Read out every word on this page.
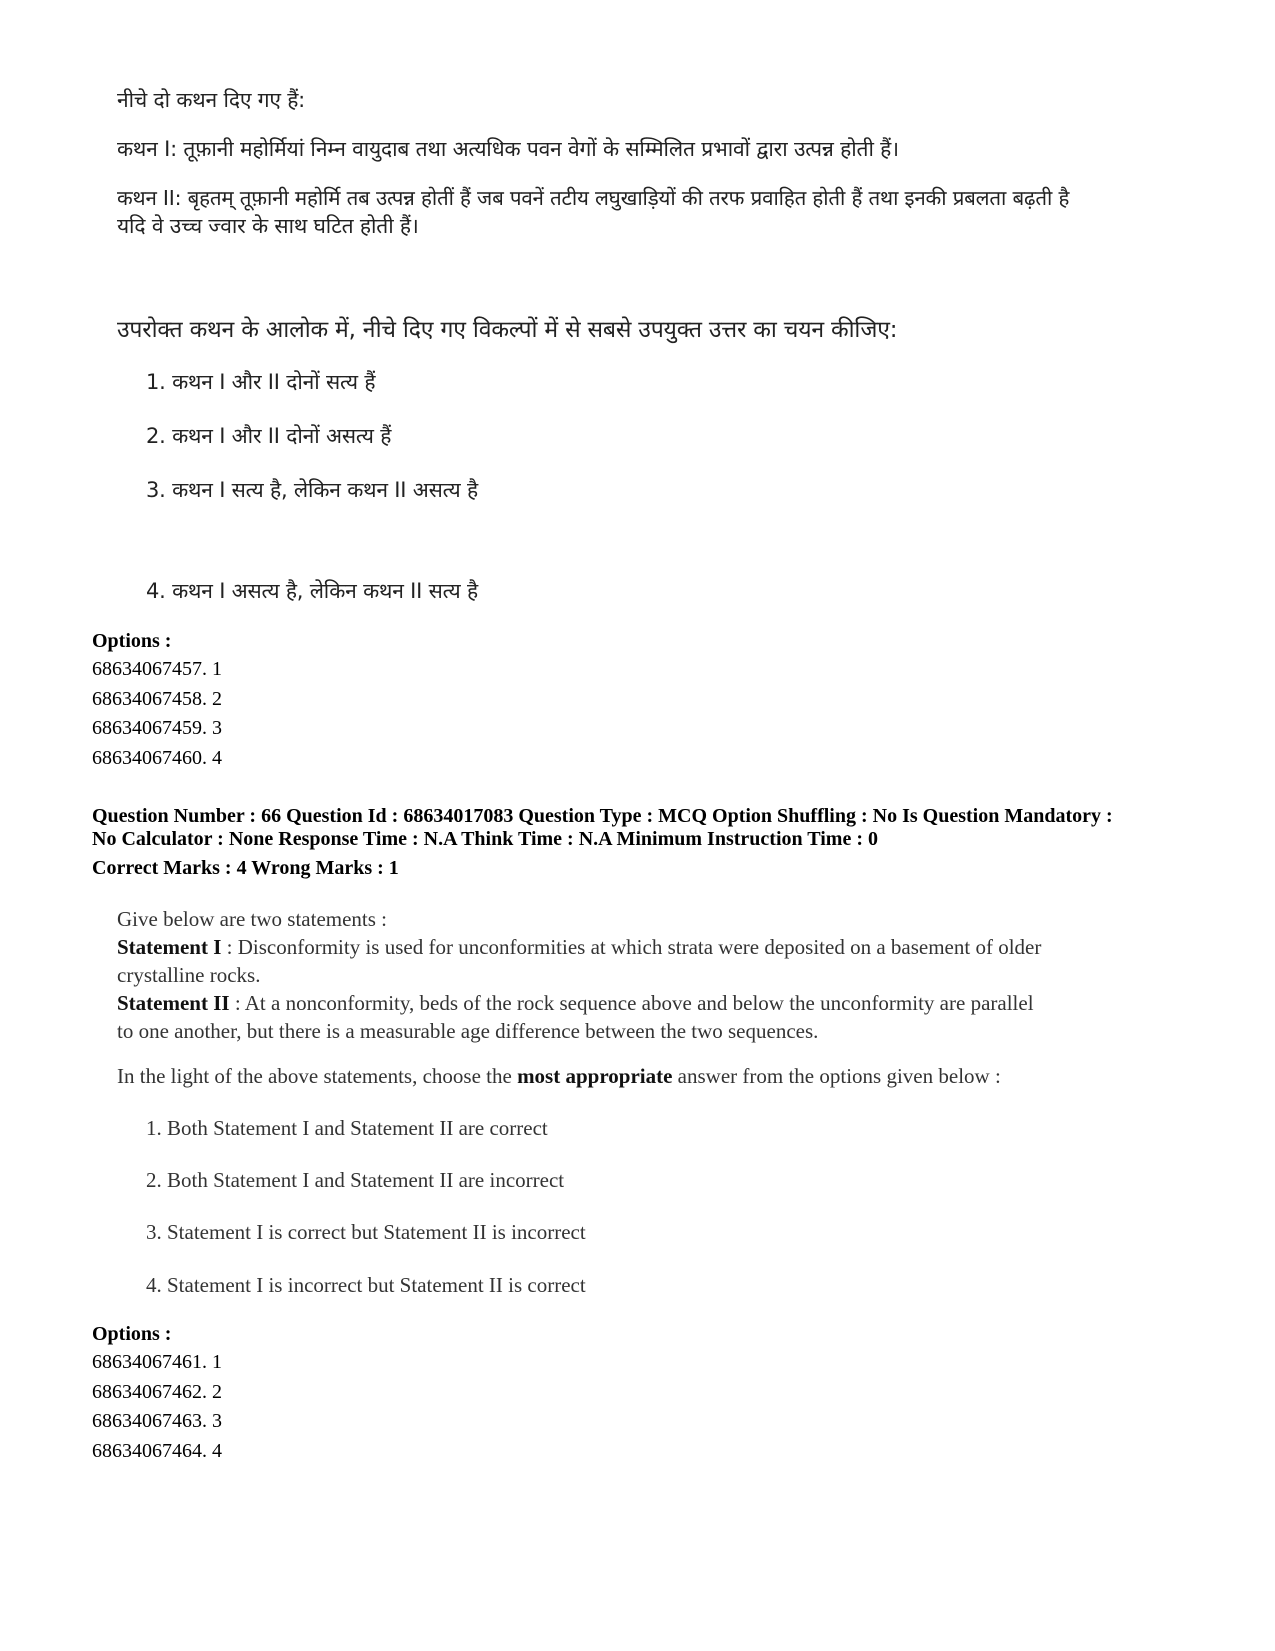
नीचे दो कथन दिए गए हैं:
कथन I: तूफ़ानी महोर्मियां निम्न वायुदाब तथा अत्यधिक पवन वेगों के सम्मिलित प्रभावों द्वारा उत्पन्न होती हैं।
कथन II: बृहतम् तूफ़ानी महोर्मि तब उत्पन्न होतीं हैं जब पवनें तटीय लघुखाड़ियों की तरफ प्रवाहित होती हैं तथा इनकी प्रबलता बढ़ती है
यदि वे उच्च ज्वार के साथ घटित होती हैं।
उपरोक्त कथन के आलोक में, नीचे दिए गए विकल्पों में से सबसे उपयुक्त उत्तर का चयन कीजिए:
1. कथन I और II दोनों सत्य हैं
2. कथन I और II दोनों असत्य हैं
3. कथन I सत्य है, लेकिन कथन II असत्य है
4. कथन I असत्य है, लेकिन कथन II सत्य है
Options :
68634067457. 1
68634067458. 2
68634067459. 3
68634067460. 4
Question Number : 66 Question Id : 68634017083 Question Type : MCQ Option Shuffling : No Is Question Mandatory :
No Calculator : None Response Time : N.A Think Time : N.A Minimum Instruction Time : 0
Correct Marks : 4 Wrong Marks : 1
Give below are two statements :
Statement I : Disconformity is used for unconformities at which strata were deposited on a basement of older
crystalline rocks.
Statement II : At a nonconformity, beds of the rock sequence above and below the unconformity are parallel
to one another, but there is a measurable age difference between the two sequences.
In the light of the above statements, choose the most appropriate answer from the options given below :
1. Both Statement I and Statement II are correct
2. Both Statement I and Statement II are incorrect
3. Statement I is correct but Statement II is incorrect
4. Statement I is incorrect but Statement II is correct
Options :
68634067461. 1
68634067462. 2
68634067463. 3
68634067464. 4
